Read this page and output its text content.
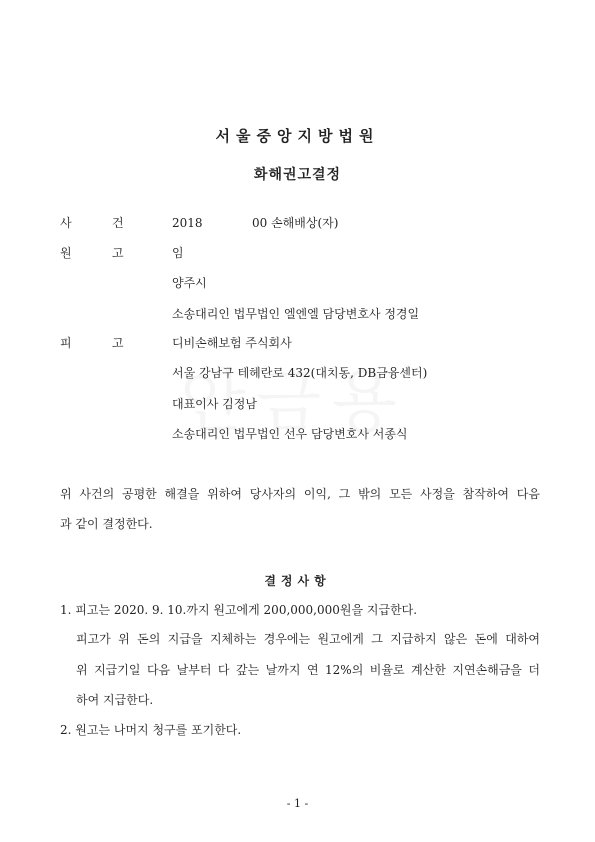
서울중앙지방법원
화해권고결정
사	건	2018	00 손해배상(자)
원	고	임
양주시
소송대리인 법무법인 엘엔엘 담당변호사 정경일
피	고	디비손해보험 주식회사
서울 강남구 테헤란로 432(대치동, DB금융센터)
대표이사 김정남
소송대리인 법무법인 선우 담당변호사 서종식
위 사건의 공평한 해결을 위하여 당사자의 이익, 그 밖의 모든 사정을 참작하여 다음
과 같이 결정한다.
결정사항
1. 피고는 2020. 9. 10.까지 원고에게 200,000,000원을 지급한다.
피고가 위 돈의 지급을 지체하는 경우에는 원고에게 그 지급하지 않은 돈에 대하여
위 지급기일 다음 날부터 다 갚는 날까지 연 12%의 비율로 계산한 지연손해금을 더
하여 지급한다.
2. 원고는 나머지 청구를 포기한다.
- 1 -
